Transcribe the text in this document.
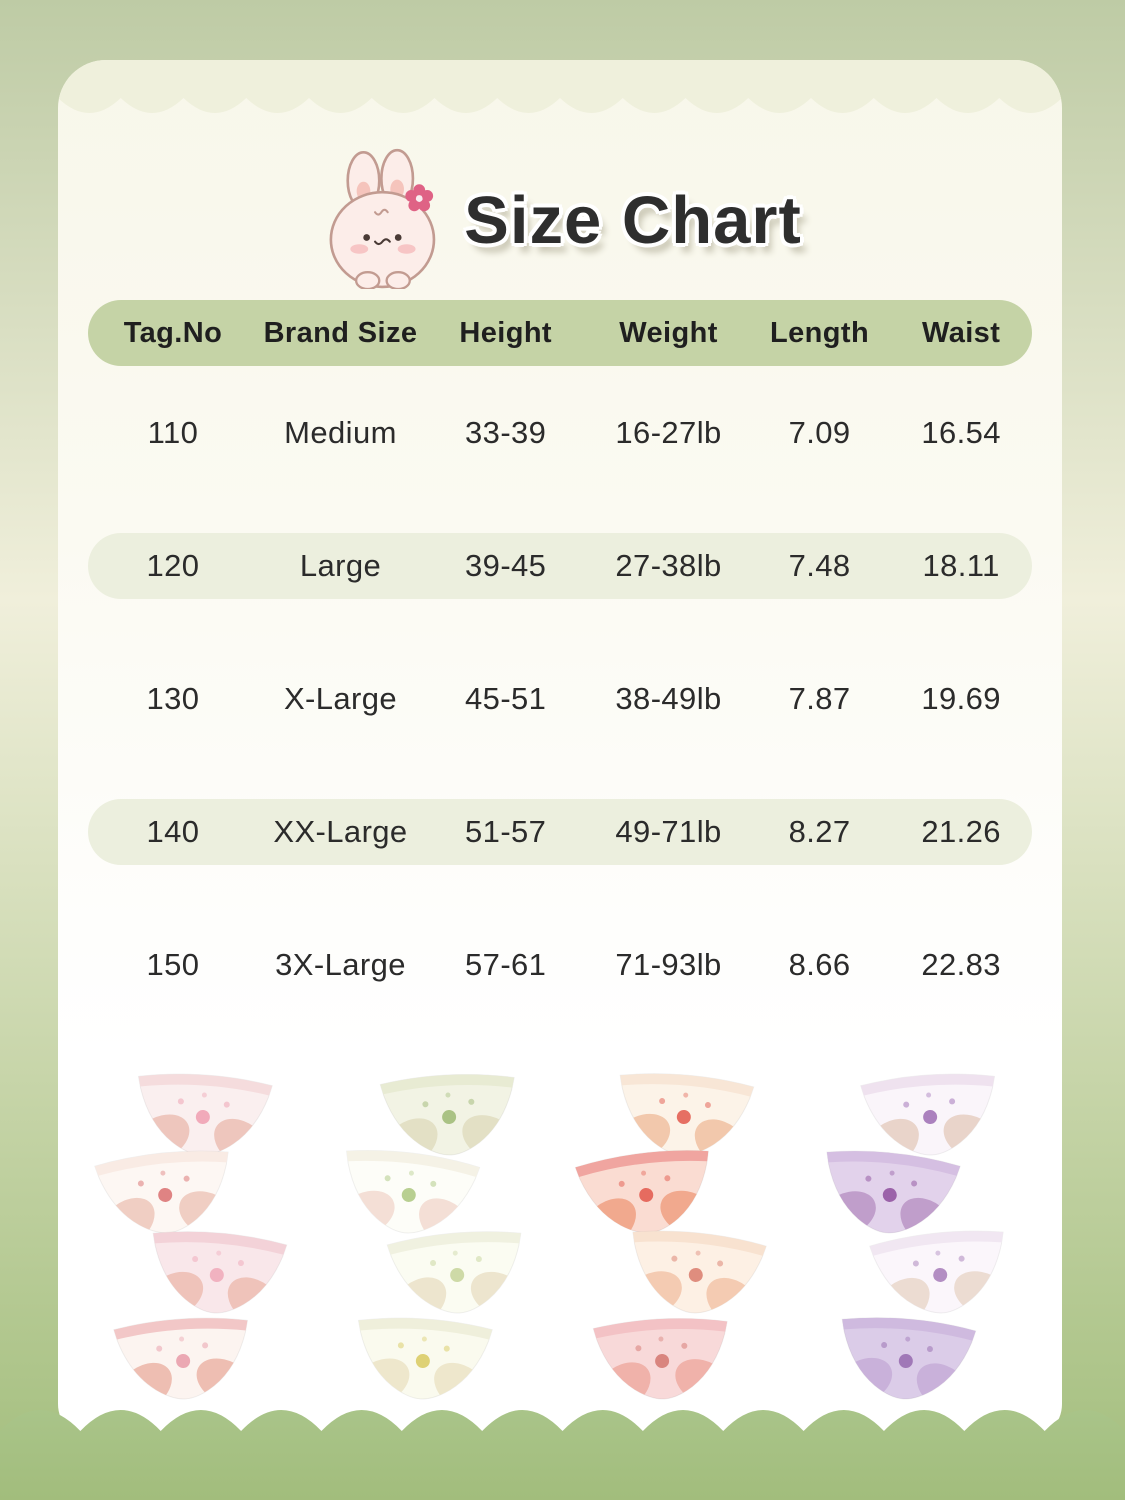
Size Chart
Tag.No	Brand Size	Height	Weight	Length	Waist
110	Medium	33-39	16-27lb	7.09	16.54
120	Large	39-45	27-38lb	7.48	18.11
130	X-Large	45-51	38-49lb	7.87	19.69
140	XX-Large	51-57	49-71lb	8.27	21.26
150	3X-Large	57-61	71-93lb	8.66	22.83
